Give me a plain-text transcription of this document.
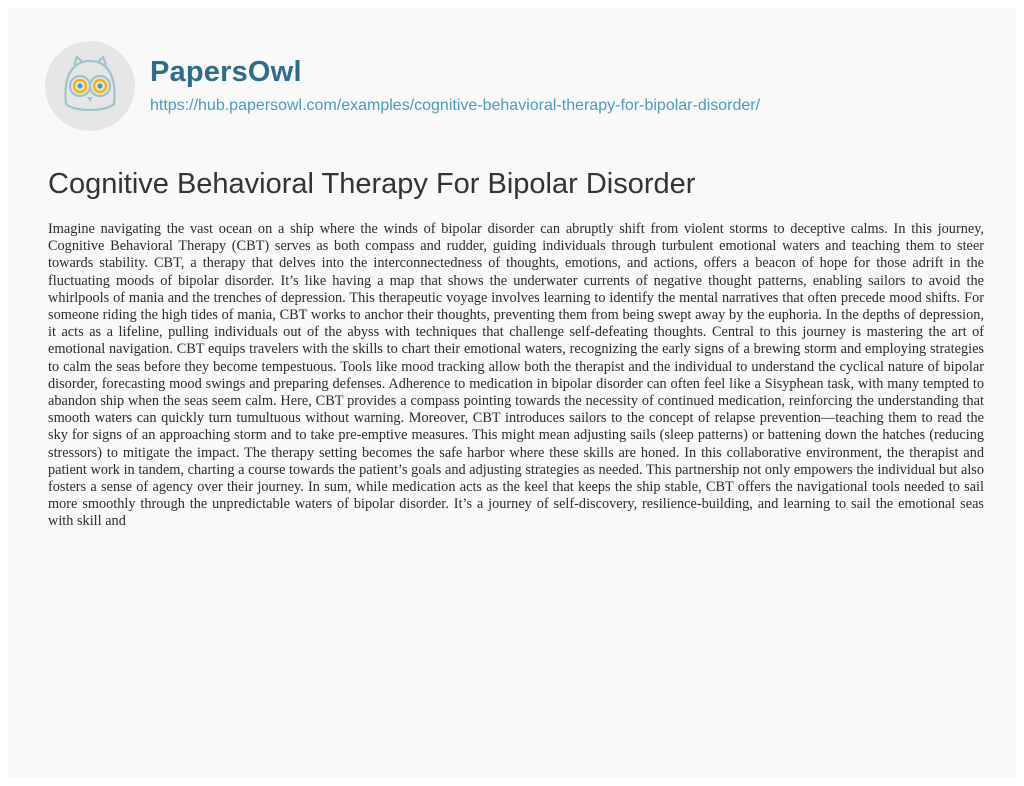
PapersOwl
https://hub.papersowl.com/examples/cognitive-behavioral-therapy-for-bipolar-disorder/
Cognitive Behavioral Therapy For Bipolar Disorder

Imagine navigating the vast ocean on a ship where the winds of bipolar disorder can abruptly shift from violent storms to deceptive calms. In this journey, Cognitive Behavioral Therapy (CBT) serves as both compass and rudder, guiding individuals through turbulent emotional waters and teaching them to steer towards stability. CBT, a therapy that delves into the interconnectedness of thoughts, emotions, and actions, offers a beacon of hope for those adrift in the fluctuating moods of bipolar disorder. It’s like having a map that shows the underwater currents of negative thought patterns, enabling sailors to avoid the whirlpools of mania and the trenches of depression. This therapeutic voyage involves learning to identify the mental narratives that often precede mood shifts. For someone riding the high tides of mania, CBT works to anchor their thoughts, preventing them from being swept away by the euphoria. In the depths of depression, it acts as a lifeline, pulling individuals out of the abyss with techniques that challenge self-defeating thoughts. Central to this journey is mastering the art of emotional navigation. CBT equips travelers with the skills to chart their emotional waters, recognizing the early signs of a brewing storm and employing strategies to calm the seas before they become tempestuous. Tools like mood tracking allow both the therapist and the individual to understand the cyclical nature of bipolar disorder, forecasting mood swings and preparing defenses. Adherence to medication in bipolar disorder can often feel like a Sisyphean task, with many tempted to abandon ship when the seas seem calm. Here, CBT provides a compass pointing towards the necessity of continued medication, reinforcing the understanding that smooth waters can quickly turn tumultuous without warning. Moreover, CBT introduces sailors to the concept of relapse prevention—teaching them to read the sky for signs of an approaching storm and to take pre-emptive measures. This might mean adjusting sails (sleep patterns) or battening down the hatches (reducing stressors) to mitigate the impact. The therapy setting becomes the safe harbor where these skills are honed. In this collaborative environment, the therapist and patient work in tandem, charting a course towards the patient’s goals and adjusting strategies as needed. This partnership not only empowers the individual but also fosters a sense of agency over their journey. In sum, while medication acts as the keel that keeps the ship stable, CBT offers the navigational tools needed to sail more smoothly through the unpredictable waters of bipolar disorder. It’s a journey of self-discovery, resilience-building, and learning to sail the emotional seas with skill and
